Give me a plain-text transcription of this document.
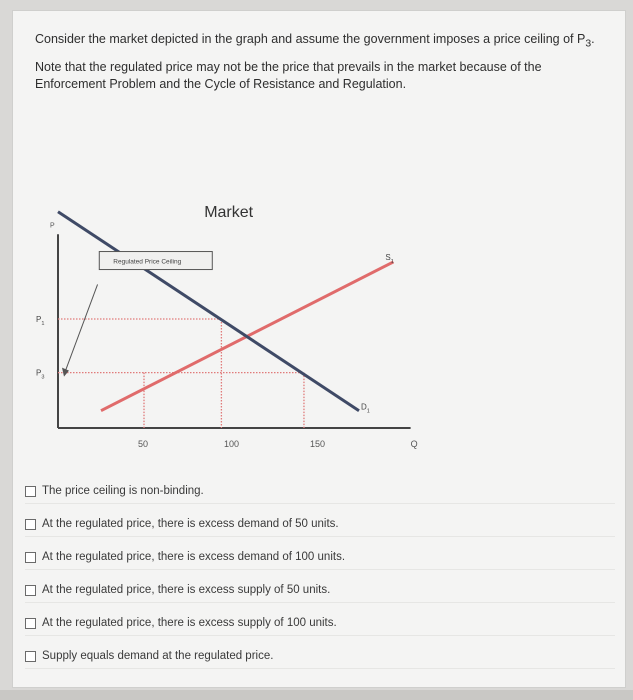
Consider the market depicted in the graph and assume the government imposes a price ceiling of $P_3$.

Note that the regulated price may not be the price that prevails in the market because of the Enforcement Problem and the Cycle of Resistance and Regulation.

Market
P
Q
50	100	150
$P_1$
$P_3$
$S_1$
$D_1$
Regulated Price Ceiling
The price ceiling is non-binding.
At the regulated price, there is excess demand of 50 units.
At the regulated price, there is excess demand of 100 units.
At the regulated price, there is excess supply of 50 units.
At the regulated price, there is excess supply of 100 units.
Supply equals demand at the regulated price.
